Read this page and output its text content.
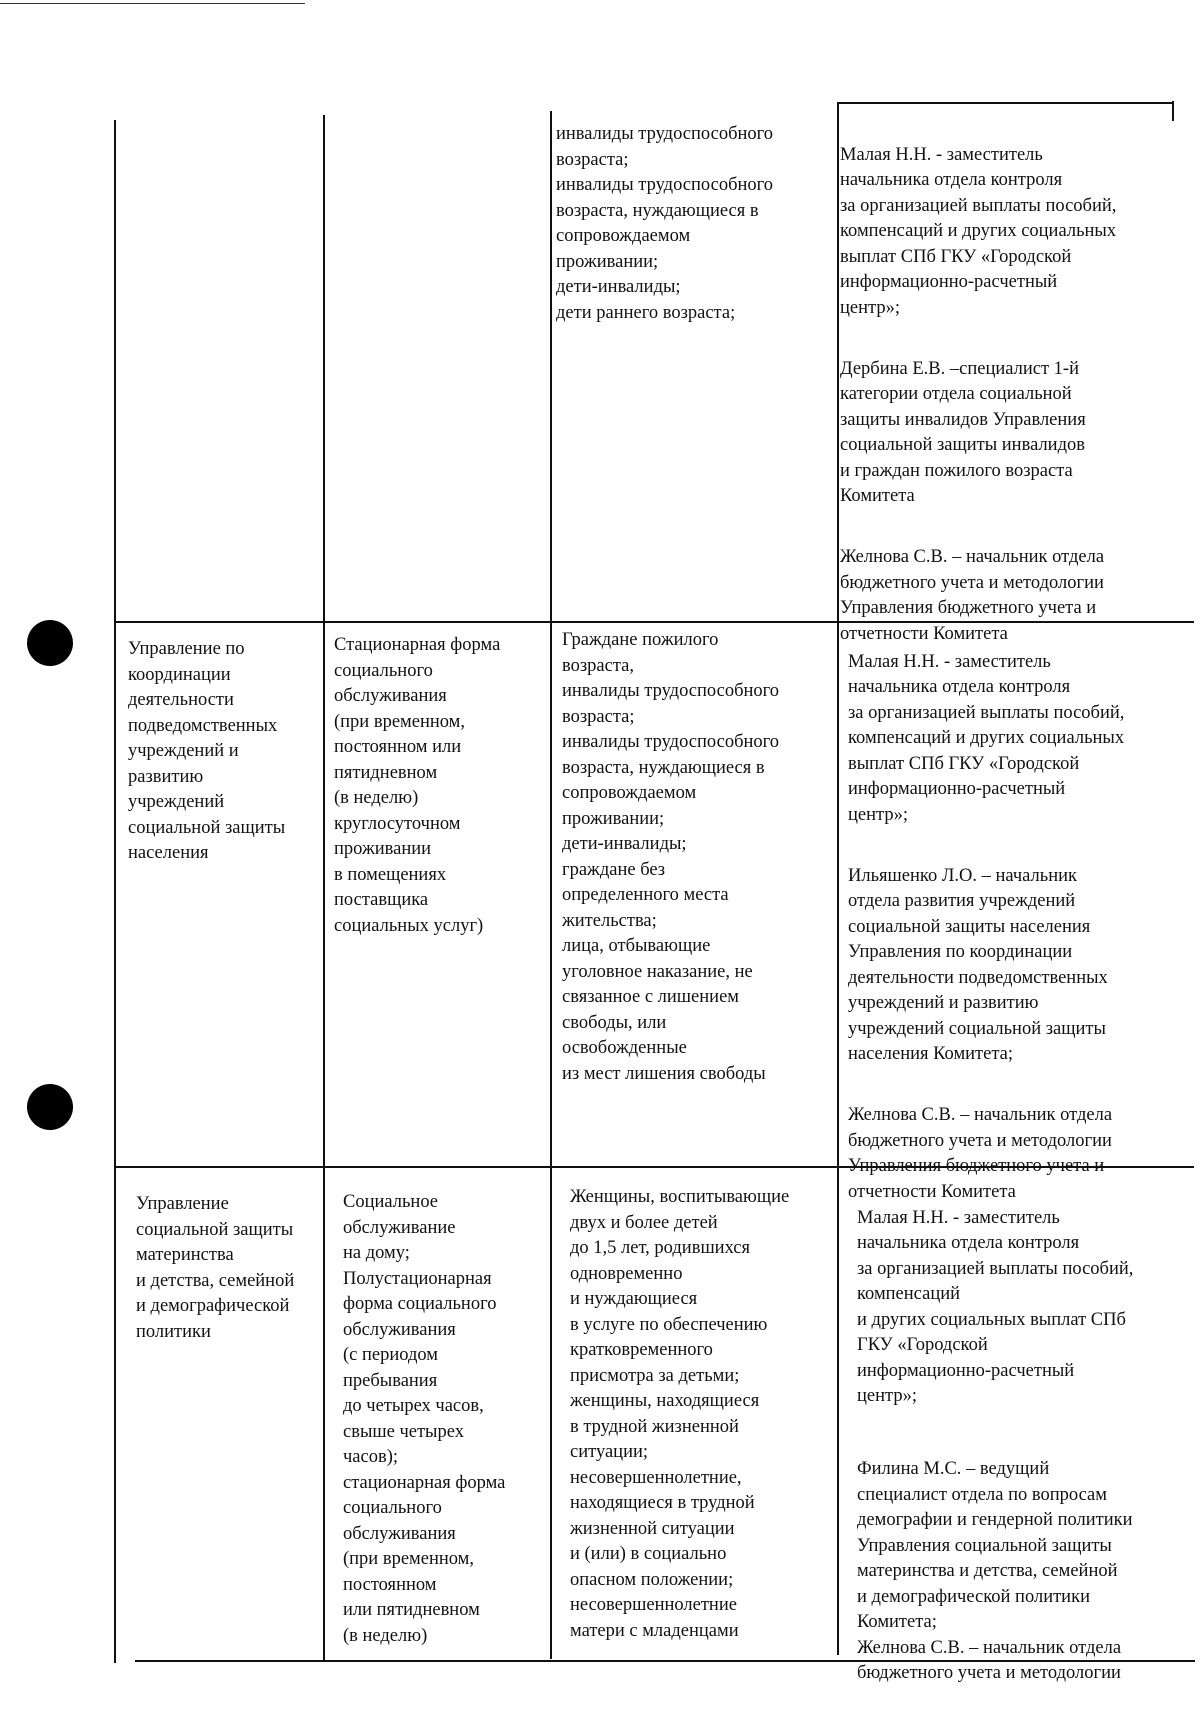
инвалиды трудоспособного
возраста;
инвалиды трудоспособного
возраста, нуждающиеся в
сопровождаемом
проживании;
дети-инвалиды;
дети раннего возраста;

Малая Н.Н. - заместитель
начальника отдела контроля
за организацией выплаты пособий,
компенсаций и других социальных
выплат СПб ГКУ «Городской
информационно-расчетный
центр»;

Дербина Е.В. –специалист 1-й
категории отдела социальной
защиты инвалидов Управления
социальной защиты инвалидов
и граждан пожилого возраста
Комитета

Желнова С.В. – начальник отдела
бюджетного учета и методологии
Управления бюджетного учета и
отчетности Комитета

Управление по
координации
деятельности
подведомственных
учреждений и
развитию
учреждений
социальной защиты
населения
Стационарная форма
социального
обслуживания
(при временном,
постоянном или
пятидневном
(в неделю)
круглосуточном
проживании
в помещениях
поставщика
социальных услуг)
Граждане пожилого
возраста,
инвалиды трудоспособного
возраста;
инвалиды трудоспособного
возраста, нуждающиеся в
сопровождаемом
проживании;
дети-инвалиды;
граждане без
определенного места
жительства;
лица, отбывающие
уголовное наказание, не
связанное с лишением
свободы, или
освобожденные
из мест лишения свободы

Малая Н.Н. - заместитель
начальника отдела контроля
за организацией выплаты пособий,
компенсаций и других социальных
выплат СПб ГКУ «Городской
информационно-расчетный
центр»;

Ильяшенко Л.О. – начальник
отдела развития учреждений
социальной защиты населения
Управления по координации
деятельности подведомственных
учреждений и развитию
учреждений социальной защиты
населения Комитета;

Желнова С.В. – начальник отдела
бюджетного учета и методологии
Управления бюджетного учета и
отчетности Комитета

Управление
социальной защиты
материнства
и детства, семейной
и демографической
политики
Социальное
обслуживание
на дому;
Полустационарная
форма социального
обслуживания
(с периодом
пребывания
до четырех часов,
свыше четырех
часов);
стационарная форма
социального
обслуживания
(при временном,
постоянном
или пятидневном
(в неделю)
Женщины, воспитывающие
двух и более детей
до 1,5 лет, родившихся
одновременно
и нуждающиеся
в услуге по обеспечению
кратковременного
присмотра за детьми;
женщины, находящиеся
в трудной жизненной
ситуации;
несовершеннолетние,
находящиеся в трудной
жизненной ситуации
и (или) в социально
опасном положении;
несовершеннолетние
матери с младенцами

Малая Н.Н. - заместитель
начальника отдела контроля
за организацией выплаты пособий,
компенсаций
и других социальных выплат СПб
ГКУ «Городской
информационно-расчетный
центр»;

Филина М.С. – ведущий
специалист отдела по вопросам
демографии и гендерной политики
Управления социальной защиты
материнства и детства, семейной
и демографической политики
Комитета;
Желнова С.В. – начальник отдела
бюджетного учета и методологии
